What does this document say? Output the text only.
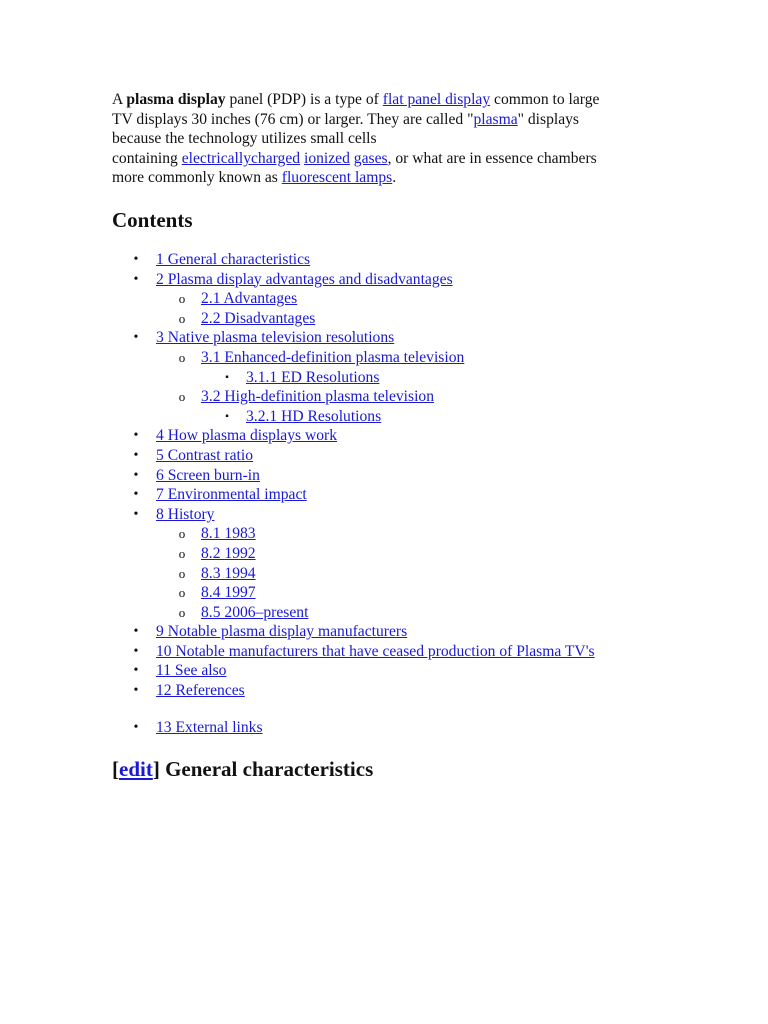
A plasma display panel (PDP) is a type of flat panel display common to large
TV displays 30 inches (76 cm) or larger. They are called "plasma" displays
because the technology utilizes small cells
containing electricallycharged ionized gases, or what are in essence chambers
more commonly known as fluorescent lamps.

Contents
• 1 General characteristics
• 2 Plasma display advantages and disadvantages
o 2.1 Advantages
o 2.2 Disadvantages
• 3 Native plasma television resolutions
o 3.1 Enhanced-definition plasma television
▪ 3.1.1 ED Resolutions
o 3.2 High-definition plasma television
▪ 3.2.1 HD Resolutions
• 4 How plasma displays work
• 5 Contrast ratio
• 6 Screen burn-in
• 7 Environmental impact
• 8 History
o 8.1 1983
o 8.2 1992
o 8.3 1994
o 8.4 1997
o 8.5 2006–present
• 9 Notable plasma display manufacturers
• 10 Notable manufacturers that have ceased production of Plasma TV's
• 11 See also
• 12 References
• 13 External links
[edit] General characteristics
